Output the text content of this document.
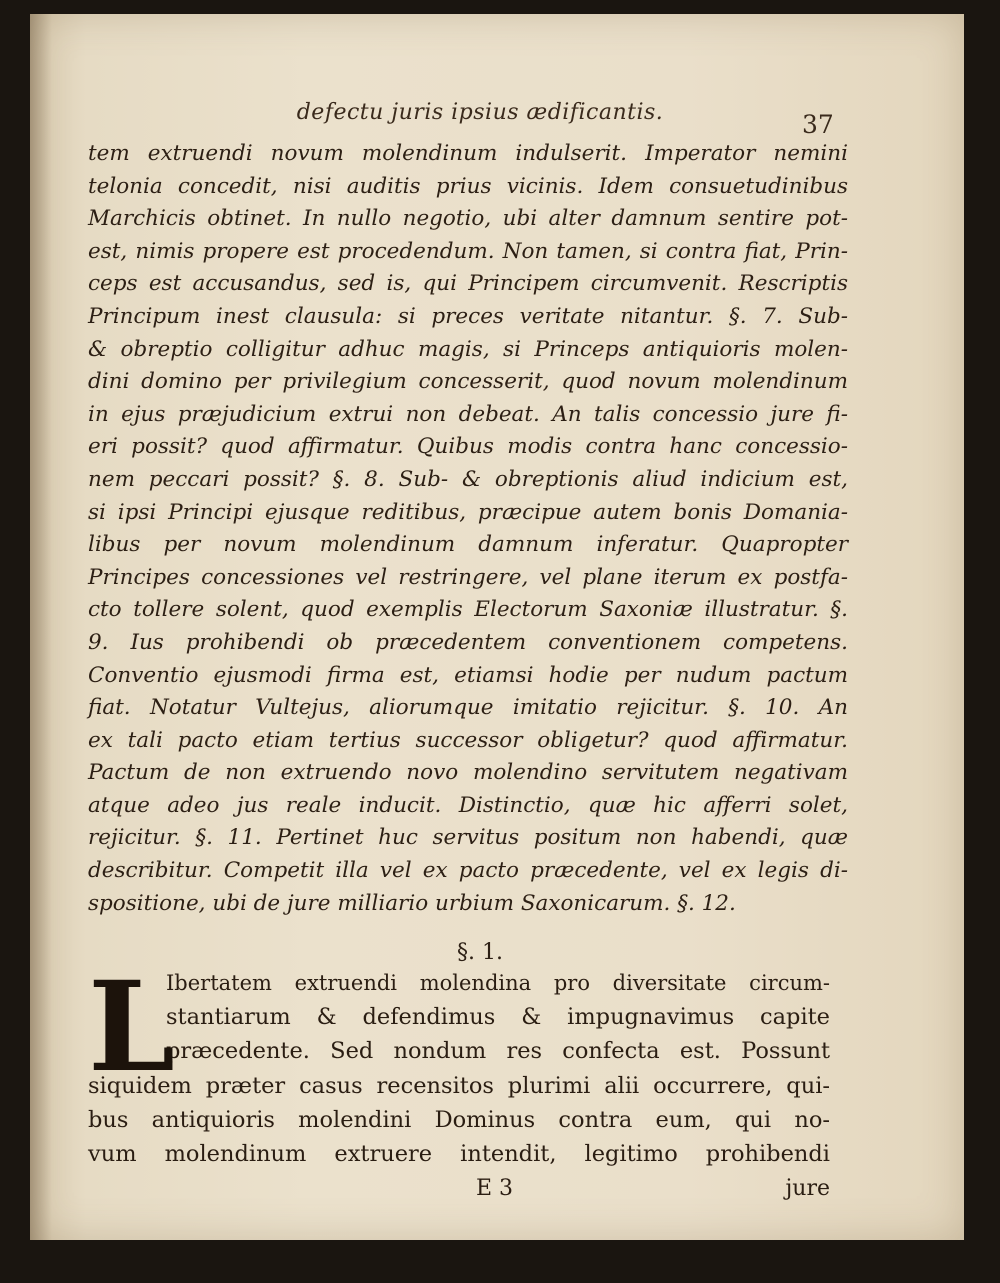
defectu juris ipsius ædificantis.	37
tem extruendi novum molendinum indulserit. Imperator nemini
telonia concedit, nisi auditis prius vicinis. Idem consuetudinibus
Marchicis obtinet. In nullo negotio, ubi alter damnum sentire pot-
est, nimis propere est procedendum. Non tamen, si contra fiat, Prin-
ceps est accusandus, sed is, qui Principem circumvenit. Rescriptis
Principum inest clausula: si preces veritate nitantur. §. 7. Sub-
& obreptio colligitur adhuc magis, si Princeps antiquioris molen-
dini domino per privilegium concesserit, quod novum molendinum
in ejus præjudicium extrui non debeat. An talis concessio jure fi-
eri possit? quod affirmatur. Quibus modis contra hanc concessio-
nem peccari possit? §. 8. Sub- & obreptionis aliud indicium est,
si ipsi Principi ejusque reditibus, præcipue autem bonis Domania-
libus per novum molendinum damnum inferatur. Quapropter
Principes concessiones vel restringere, vel plane iterum ex postfa-
cto tollere solent, quod exemplis Electorum Saxoniæ illustratur. §.
9. Ius prohibendi ob præcedentem conventionem competens.
Conventio ejusmodi firma est, etiamsi hodie per nudum pactum
fiat. Notatur Vultejus, aliorumque imitatio rejicitur. §. 10. An
ex tali pacto etiam tertius successor obligetur? quod affirmatur.
Pactum de non extruendo novo molendino servitutem negativam
atque adeo jus reale inducit. Distinctio, quæ hic afferri solet,
rejicitur. §. 11. Pertinet huc servitus positum non habendi, quæ
describitur. Competit illa vel ex pacto præcedente, vel ex legis di-
spositione, ubi de jure milliario urbium Saxonicarum. §. 12.
§. 1.
L
Ibertatem extruendi molendina pro diversitate circum-
stantiarum & defendimus & impugnavimus capite
præcedente. Sed nondum res confecta est. Possunt
siquidem præter casus recensitos plurimi alii occurrere, qui-
bus antiquioris molendini Dominus contra eum, qui no-
vum molendinum extruere intendit, legitimo prohibendi
E 3	jure
